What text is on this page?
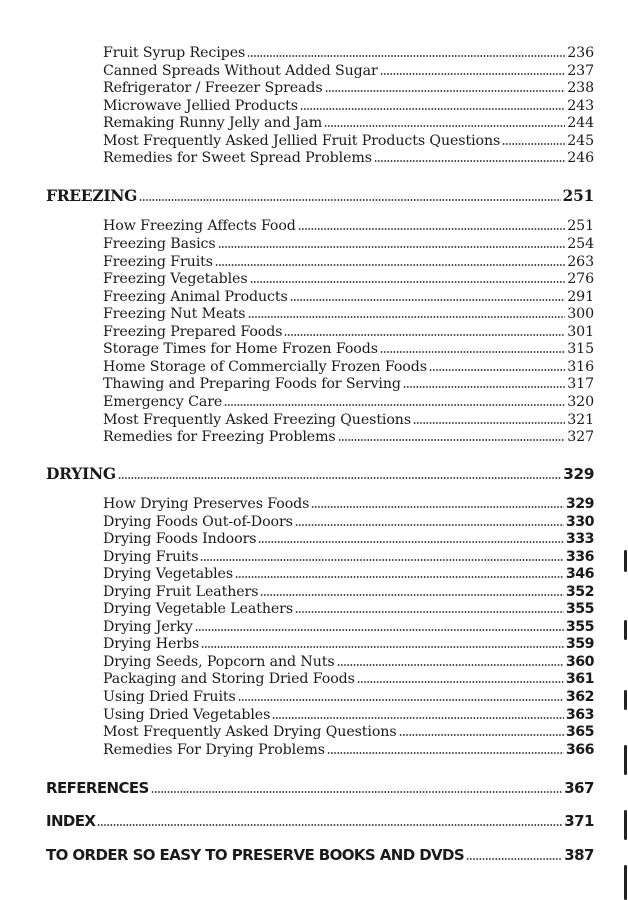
Fruit Syrup Recipes	236
Canned Spreads Without Added Sugar	237
Refrigerator / Freezer Spreads	238
Microwave Jellied Products	243
Remaking Runny Jelly and Jam	244
Most Frequently Asked Jellied Fruit Products Questions	245
Remedies for Sweet Spread Problems	246
FREEZING	251
How Freezing Affects Food	251
Freezing Basics	254
Freezing Fruits	263
Freezing Vegetables	276
Freezing Animal Products	291
Freezing Nut Meats	300
Freezing Prepared Foods	301
Storage Times for Home Frozen Foods	315
Home Storage of Commercially Frozen Foods	316
Thawing and Preparing Foods for Serving	317
Emergency Care	320
Most Frequently Asked Freezing Questions	321
Remedies for Freezing Problems	327
DRYING	329
How Drying Preserves Foods	329
Drying Foods Out-of-Doors	330
Drying Foods Indoors	333
Drying Fruits	336
Drying Vegetables	346
Drying Fruit Leathers	352
Drying Vegetable Leathers	355
Drying Jerky	355
Drying Herbs	359
Drying Seeds, Popcorn and Nuts	360
Packaging and Storing Dried Foods	361
Using Dried Fruits	362
Using Dried Vegetables	363
Most Frequently Asked Drying Questions	365
Remedies For Drying Problems	366
REFERENCES	367
INDEX	371
TO ORDER SO EASY TO PRESERVE BOOKS AND DVDS	387
